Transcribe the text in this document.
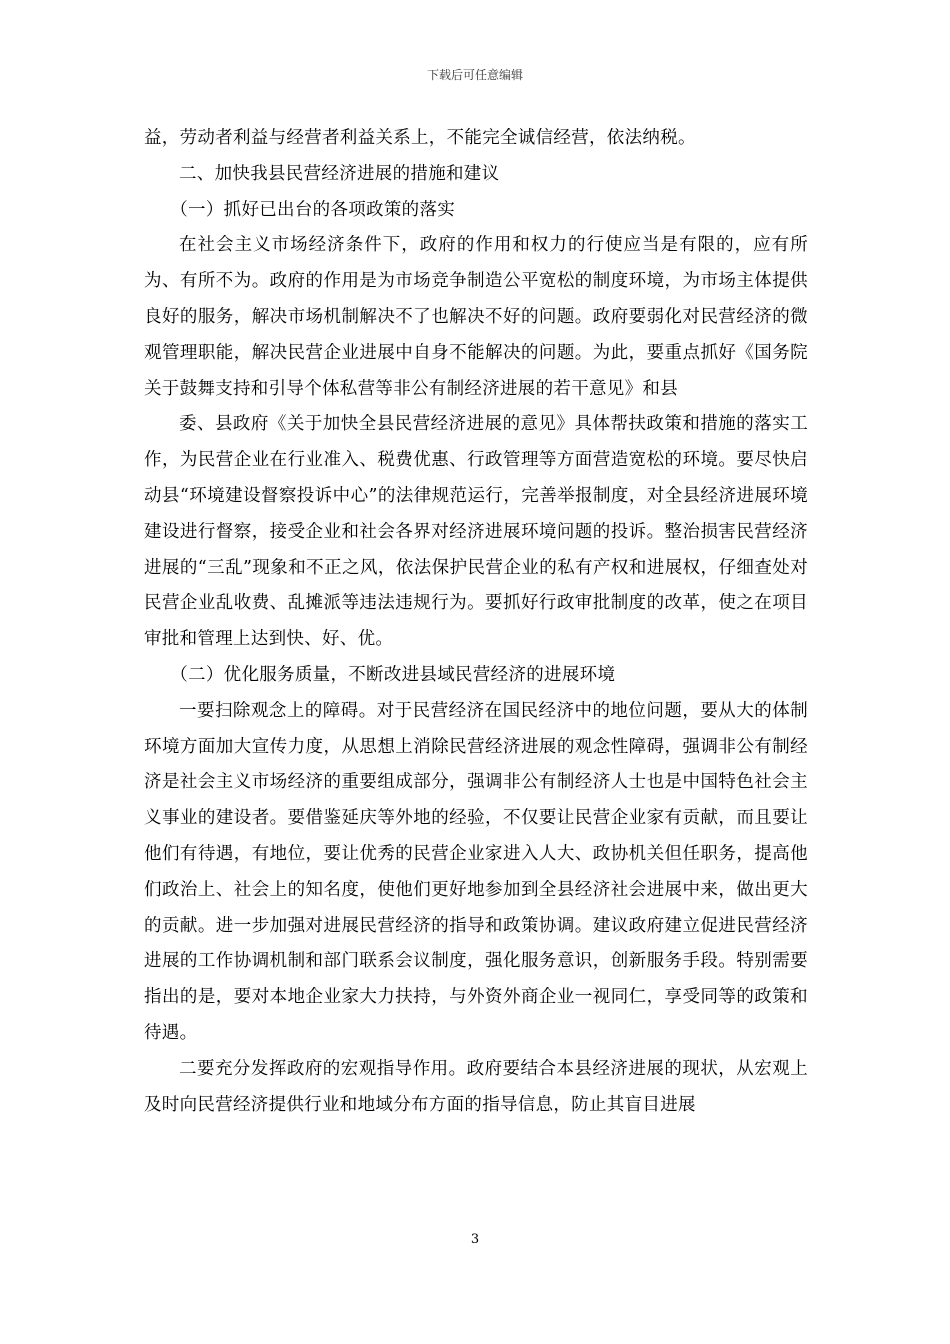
下载后可任意编辑

益，劳动者利益与经营者利益关系上，不能完全诚信经营，依法纳税。

二、加快我县民营经济进展的措施和建议

（一）抓好已出台的各项政策的落实

在社会主义市场经济条件下，政府的作用和权力的行使应当是有限的，应有所为、有所不为。政府的作用是为市场竞争制造公平宽松的制度环境，为市场主体提供良好的服务，解决市场机制解决不了也解决不好的问题。政府要弱化对民营经济的微观管理职能，解决民营企业进展中自身不能解决的问题。为此，要重点抓好《国务院关于鼓舞支持和引导个体私营等非公有制经济进展的若干意见》和县

委、县政府《关于加快全县民营经济进展的意见》具体帮扶政策和措施的落实工作，为民营企业在行业准入、税费优惠、行政管理等方面营造宽松的环境。要尽快启动县“环境建设督察投诉中心”的法律规范运行，完善举报制度，对全县经济进展环境建设进行督察，接受企业和社会各界对经济进展环境问题的投诉。整治损害民营经济进展的“三乱”现象和不正之风，依法保护民营企业的私有产权和进展权，仔细查处对民营企业乱收费、乱摊派等违法违规行为。要抓好行政审批制度的改革，使之在项目审批和管理上达到快、好、优。

（二）优化服务质量，不断改进县域民营经济的进展环境

一要扫除观念上的障碍。对于民营经济在国民经济中的地位问题，要从大的体制环境方面加大宣传力度，从思想上消除民营经济进展的观念性障碍，强调非公有制经济是社会主义市场经济的重要组成部分，强调非公有制经济人士也是中国特色社会主义事业的建设者。要借鉴延庆等外地的经验，不仅要让民营企业家有贡献，而且要让他们有待遇，有地位，要让优秀的民营企业家进入人大、政协机关但任职务，提高他们政治上、社会上的知名度，使他们更好地参加到全县经济社会进展中来，做出更大的贡献。进一步加强对进展民营经济的指导和政策协调。建议政府建立促进民营经济进展的工作协调机制和部门联系会议制度，强化服务意识，创新服务手段。特别需要指出的是，要对本地企业家大力扶持，与外资外商企业一视同仁，享受同等的政策和待遇。

二要充分发挥政府的宏观指导作用。政府要结合本县经济进展的现状，从宏观上及时向民营经济提供行业和地域分布方面的指导信息，防止其盲目进展

3
